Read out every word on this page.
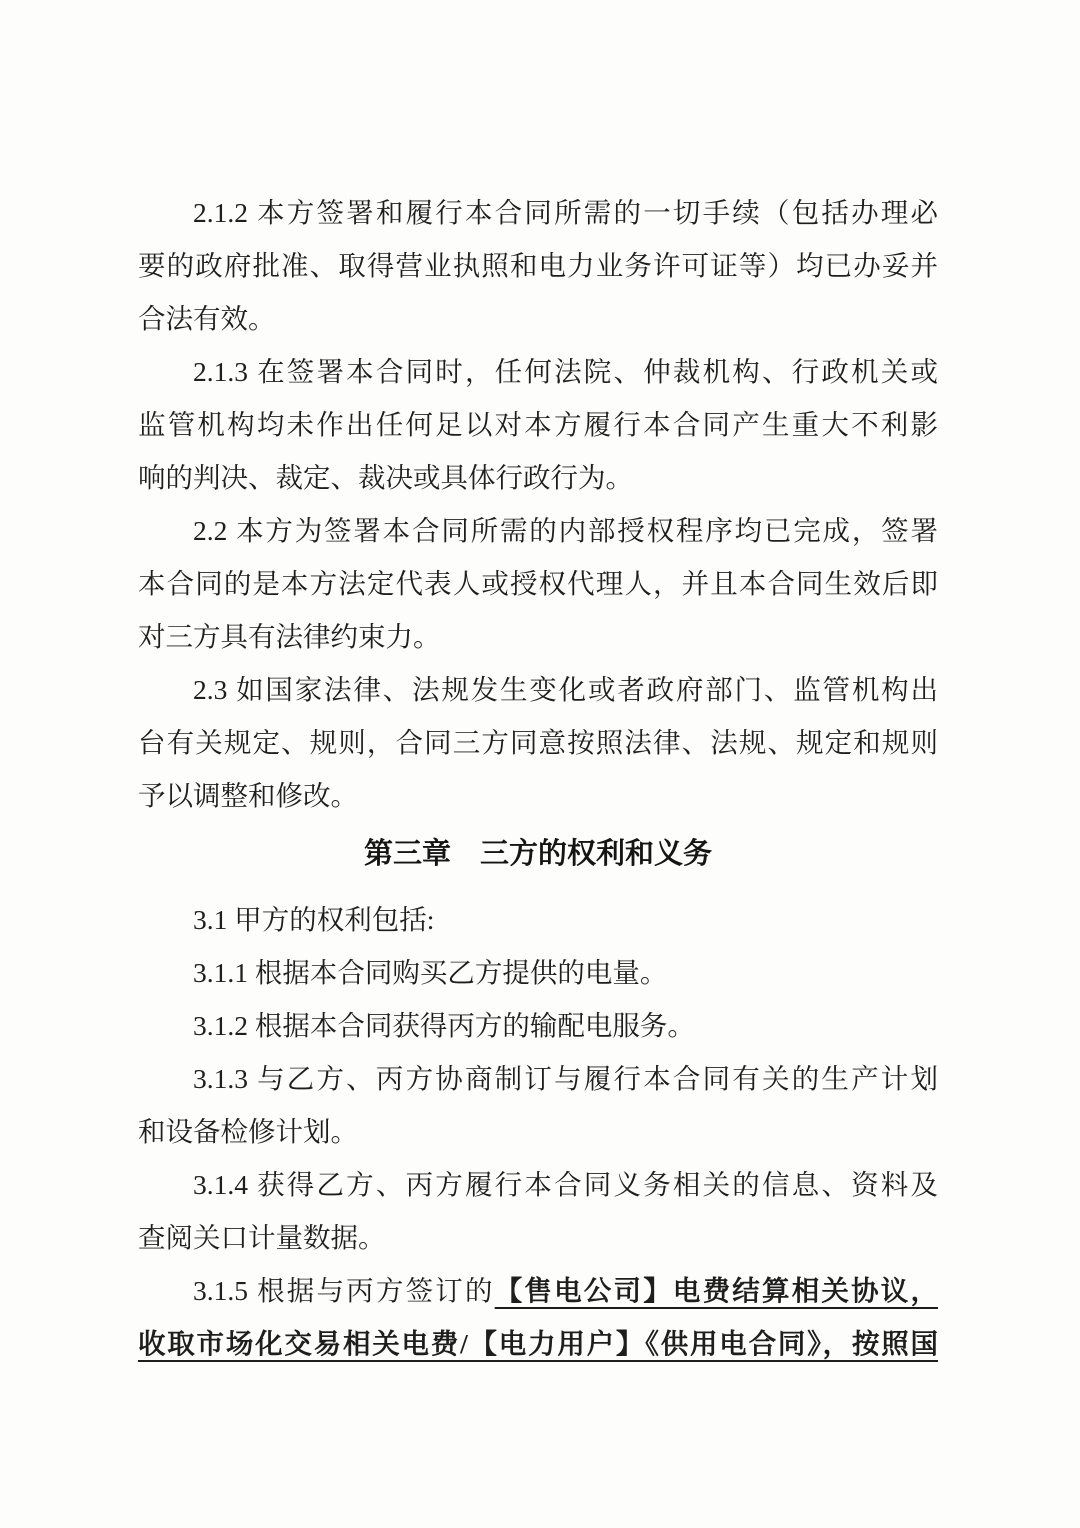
2.1.2 本方签署和履行本合同所需的一切手续（包括办理必
要的政府批准、取得营业执照和电力业务许可证等）均已办妥并
合法有效。
2.1.3 在签署本合同时，任何法院、仲裁机构、行政机关或
监管机构均未作出任何足以对本方履行本合同产生重大不利影
响的判决、裁定、裁决或具体行政行为。
2.2 本方为签署本合同所需的内部授权程序均已完成，签署
本合同的是本方法定代表人或授权代理人，并且本合同生效后即
对三方具有法律约束力。
2.3 如国家法律、法规发生变化或者政府部门、监管机构出
台有关规定、规则，合同三方同意按照法律、法规、规定和规则
予以调整和修改。
第三章　三方的权利和义务
3.1 甲方的权利包括:
3.1.1 根据本合同购买乙方提供的电量。
3.1.2 根据本合同获得丙方的输配电服务。
3.1.3 与乙方、丙方协商制订与履行本合同有关的生产计划
和设备检修计划。
3.1.4 获得乙方、丙方履行本合同义务相关的信息、资料及
查阅关口计量数据。
3.1.5 根据与丙方签订的【售电公司】电费结算相关协议，
收取市场化交易相关电费/【电力用户】《供用电合同》，按照国
